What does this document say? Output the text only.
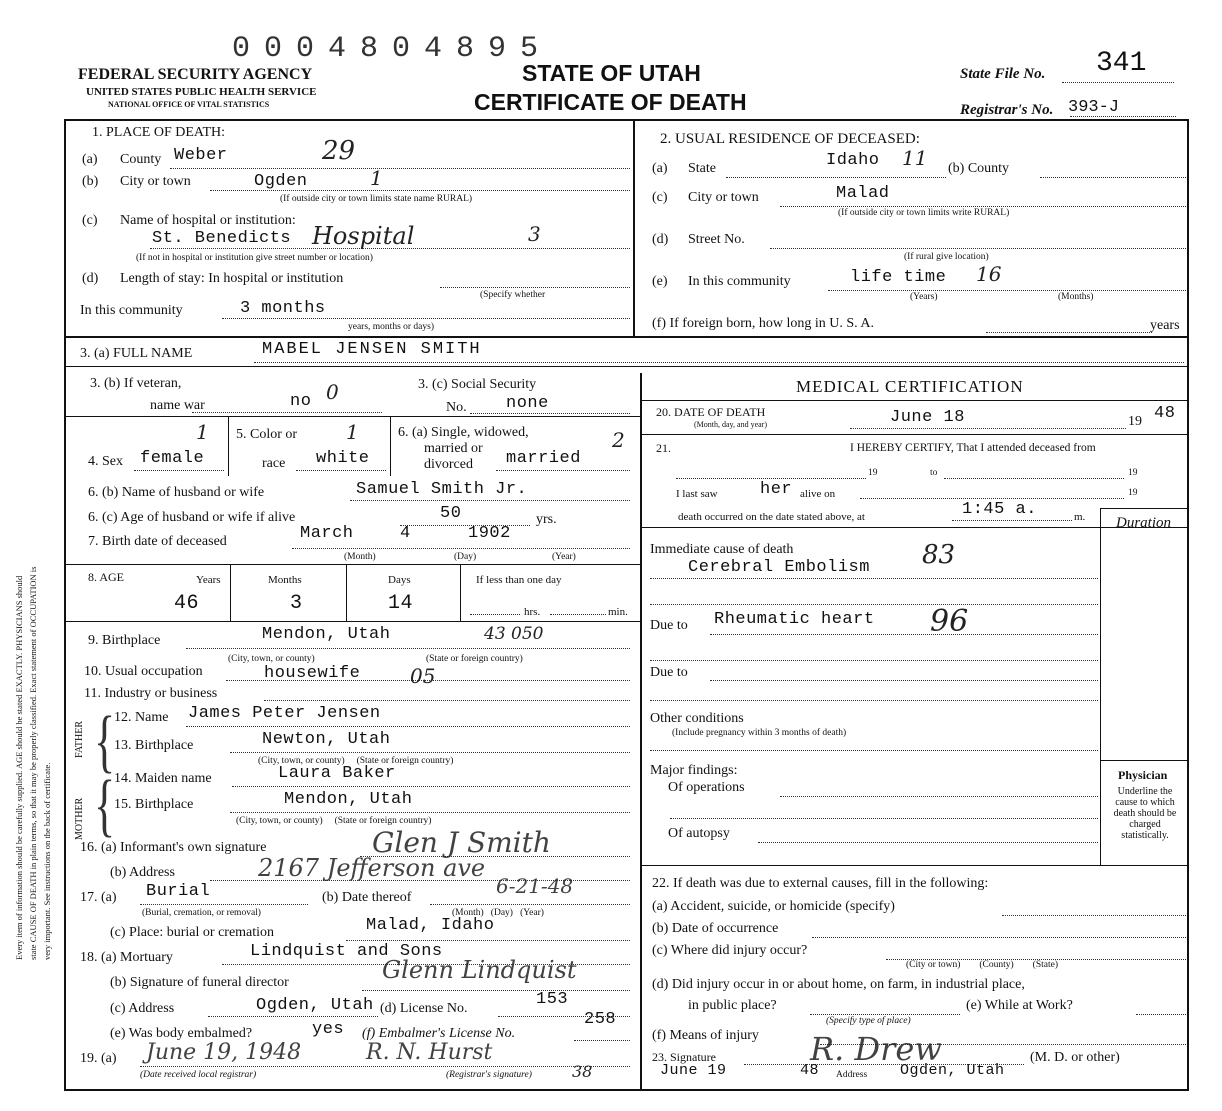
0004804895
FEDERAL SECURITY AGENCY
UNITED STATES PUBLIC HEALTH SERVICE
NATIONAL OFFICE OF VITAL STATISTICS
STATE OF UTAH
CERTIFICATE OF DEATH
State File No. 341
Registrar's No. 393-J
Every item of information should be carefully supplied. AGE should be stated EXACTLY. PHYSICIANS should state CAUSE OF DEATH in plain terms, so that it may be properly classified. Exact statement of OCCUPATION is very important. See instructions on the back of certificate.
1. PLACE OF DEATH:
(a) County Weber	29
(b) City or town	Ogden	1
(If outside city or town limits state name RURAL)
(c) Name of hospital or institution:
St. Benedicts Hospital	3
(If not in hospital or institution give street number or location)
(d) Length of stay: In hospital or institution
(Specify whether
In this community	3 months
years, months or days)
2. USUAL RESIDENCE OF DECEASED:
(a) State	Idaho 11 (b) County
(c) City or town	Malad
(If outside city or town limits write RURAL)
(d) Street No.
(If rural give location)
(e) In this community	life time 16
(Years)	(Months)
(f) If foreign born, how long in U. S. A.	years
3. (a) FULL NAME	MABEL JENSEN SMITH
3. (b) If veteran,
name war	no 0	3. (c) Social Security
No. none
1
4. Sex female
5. Color or 1
race white
6. (a) Single, widowed,
married or
divorced married
2
6. (b) Name of husband or wife	Samuel Smith Jr.
6. (c) Age of husband or wife if alive	50	yrs.
7. Birth date of deceased	March	4	1902
(Month)	(Day)	(Year)
8. AGE	Years	Months	Days	If less than one day
46	3	14	hrs.	min.
9. Birthplace	Mendon, Utah	43 050
(City, town, or county)	(State or foreign country)
10. Usual occupation	housewife 05
11. Industry or business
FATHER
MOTHER
12. Name James Peter Jensen
13. Birthplace	Newton, Utah
(City, town, or county)     (State or foreign country)
14. Maiden name	Laura Baker
15. Birthplace	Mendon, Utah
(City, town, or county)     (State or foreign country)
{
{
16. (a) Informant's own signature	Glen J Smith
(b) Address	2167 Jefferson ave
17. (a) Burial	(b) Date thereof	6-21-48
(Burial, cremation, or removal)	(Month)   (Day)   (Year)
(c) Place: burial or cremation	Malad, Idaho
18. (a) Mortuary	Lindquist and Sons
(b) Signature of funeral director	Glenn Lindquist
(c) Address	Ogden, Utah (d) License No.	153
(e) Was body embalmed?	yes (f) Embalmer's License No.
258
19. (a) June 19, 1948	R. N. Hurst
(Date received local registrar)	(Registrar's signature)	38
MEDICAL CERTIFICATION
20. DATE OF DEATH
(Month, day, and year)	June 18	19 48
21.	I HEREBY CERTIFY, That I attended deceased from
19	to	19
I last saw her alive on	19
death occurred on the date stated above, at	1:45 a.	m. Duration
Immediate cause of death
Cerebral Embolism 83
Due to Rheumatic heart 96
Due to
Other conditions
(Include pregnancy within 3 months of death)
Major findings:
Of operations
Of autopsy
Physician
Underline the cause to which death should be charged statistically.
22. If death was due to external causes, fill in the following:
(a) Accident, suicide, or homicide (specify)
(b) Date of occurrence
(c) Where did injury occur?
(City or town)        (County)        (State)
(d) Did injury occur in or about home, on farm, in industrial place,
in public place?	(e) While at Work?
(Specify type of place)
(f) Means of injury
23. Signature	R. Drew	(M. D. or other)
June 19	48 Address Ogden, Utah
